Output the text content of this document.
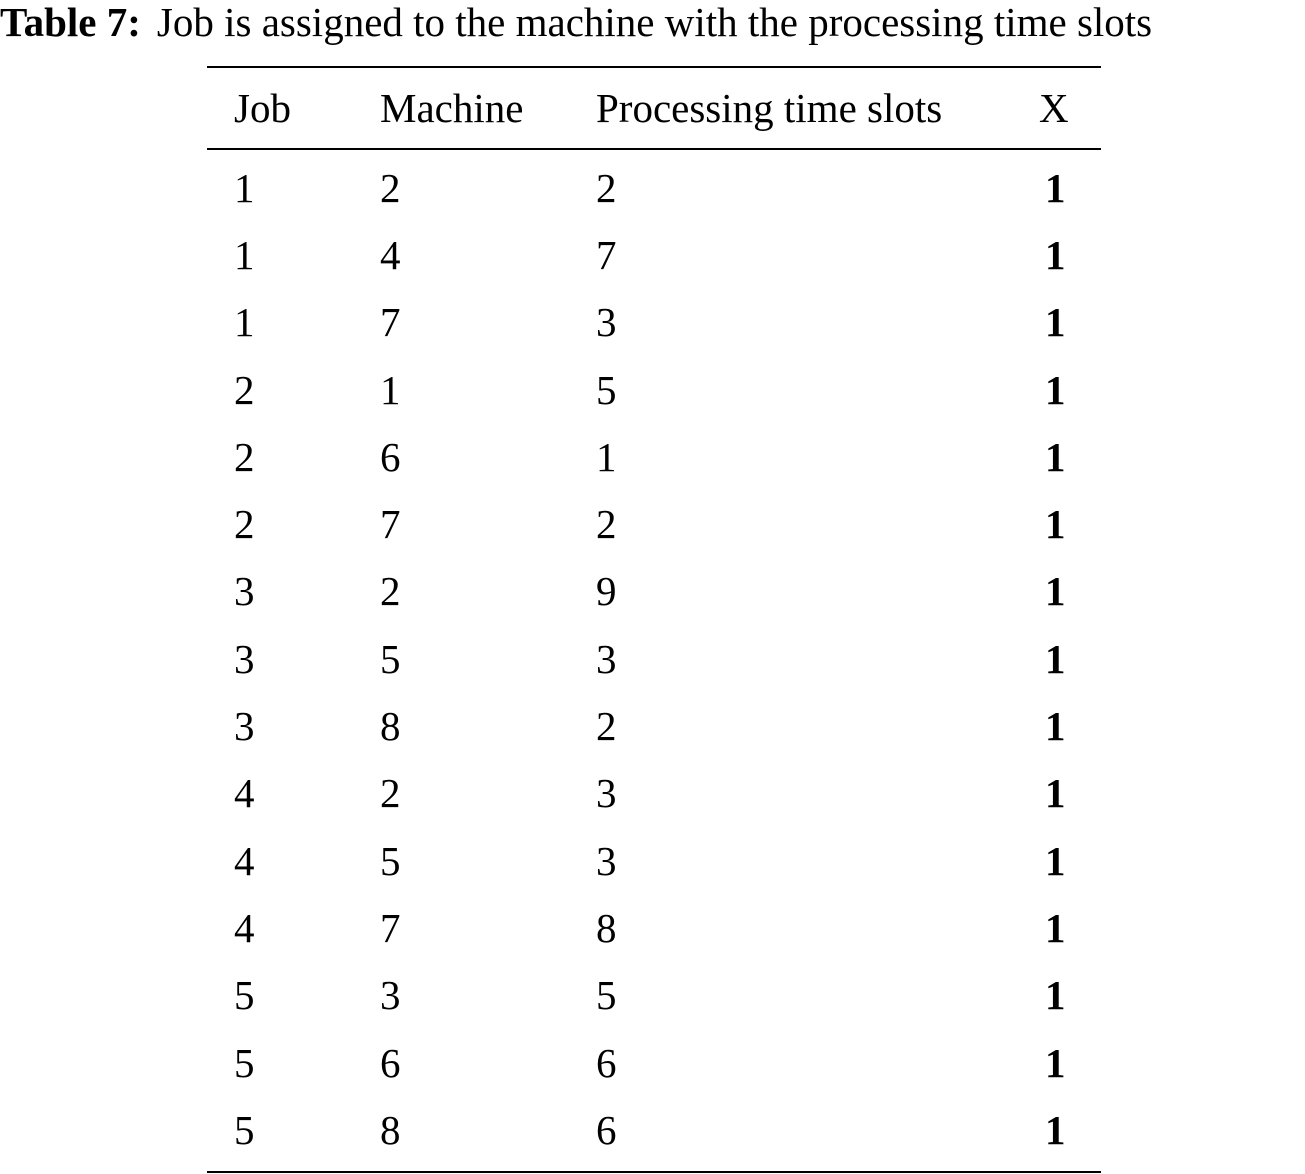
Table 7: Job is assigned to the machine with the processing time slots
Job	Machine	Processing time slots	X
1	2	2	1
1	4	7	1
1	7	3	1
2	1	5	1
2	6	1	1
2	7	2	1
3	2	9	1
3	5	3	1
3	8	2	1
4	2	3	1
4	5	3	1
4	7	8	1
5	3	5	1
5	6	6	1
5	8	6	1
